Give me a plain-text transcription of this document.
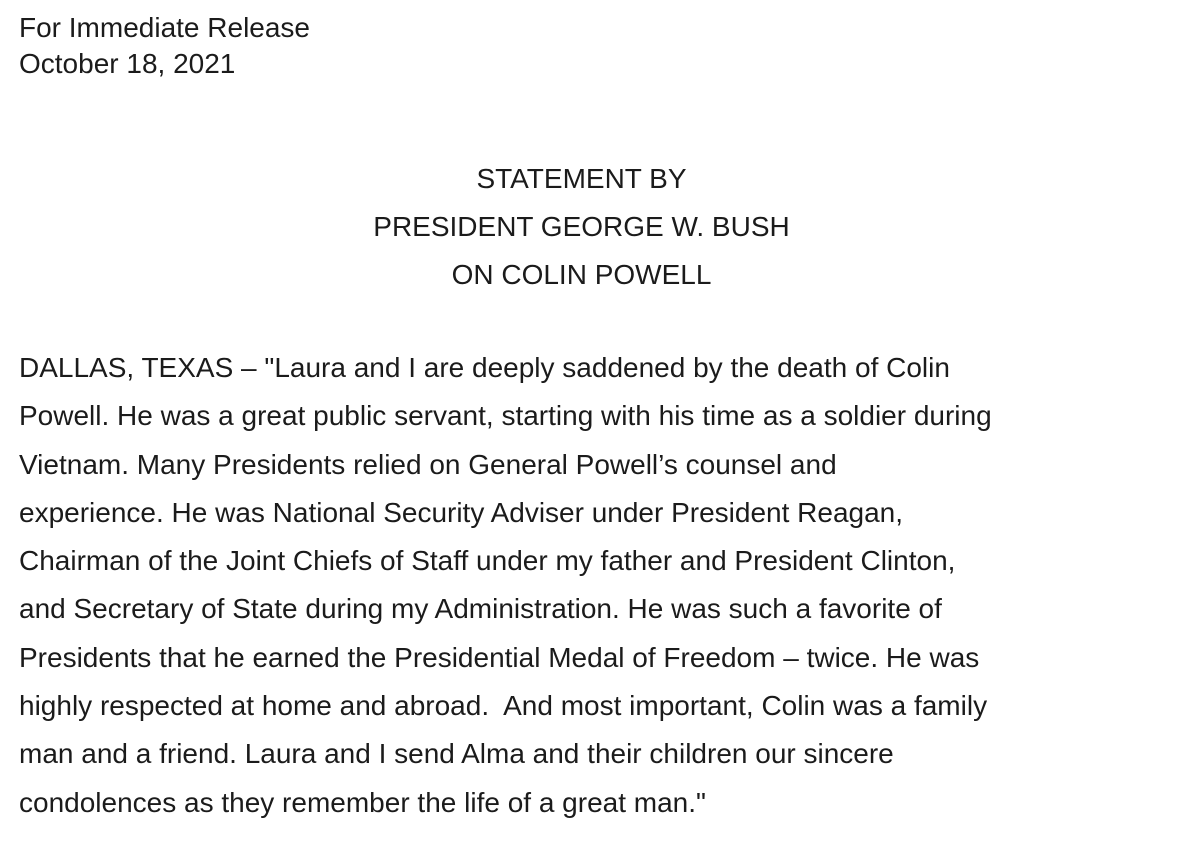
For Immediate Release
October 18, 2021
STATEMENT BY
PRESIDENT GEORGE W. BUSH
ON COLIN POWELL
DALLAS, TEXAS – "Laura and I are deeply saddened by the death of Colin
Powell. He was a great public servant, starting with his time as a soldier during
Vietnam. Many Presidents relied on General Powell’s counsel and
experience. He was National Security Adviser under President Reagan,
Chairman of the Joint Chiefs of Staff under my father and President Clinton,
and Secretary of State during my Administration. He was such a favorite of
Presidents that he earned the Presidential Medal of Freedom – twice. He was
highly respected at home and abroad.  And most important, Colin was a family
man and a friend. Laura and I send Alma and their children our sincere
condolences as they remember the life of a great man."
